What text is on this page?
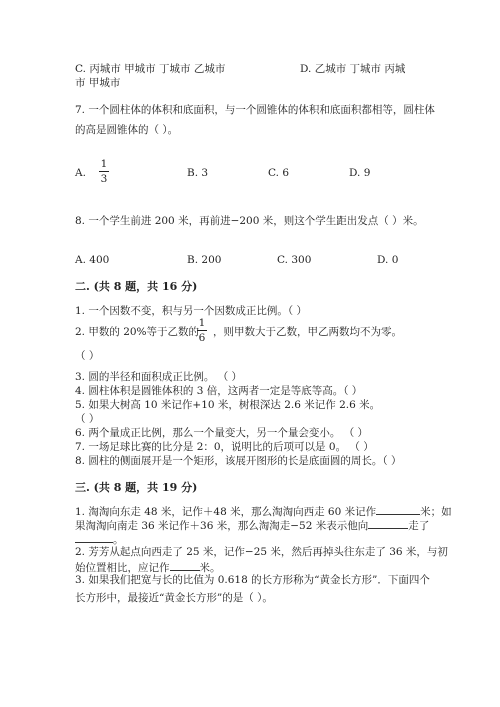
C. 丙城市 甲城市 丁城市 乙城市	D. 乙城市 丁城市 丙城
市 甲城市
7. 一个圆柱体的体积和底面积，与一个圆锥体的体积和底面积都相等，圆柱体
的高是圆锥体的（ ）。
A.
1
3	B. 3	C. 6	D. 9
8. 一个学生前进 200 米，再前进−200 米，则这个学生距出发点（ ）米。
A. 400	B. 200	C. 300	D. 0
二. (共 8 题，共 16 分)
1. 一个因数不变，积与另一个因数成正比例。（ ）
2. 甲数的 20%等于乙数的
1
6 ，则甲数大于乙数，甲乙两数均不为零。
（ ）
3. 圆的半径和面积成正比例。 （ ）
4. 圆柱体积是圆锥体积的 3 倍，这两者一定是等底等高。（ ）
5. 如果大树高 10 米记作+10 米，树根深达 2.6 米记作 2.6 米。
（ ）
6. 两个量成正比例，那么一个量变大，另一个量会变小。 （ ）
7. 一场足球比赛的比分是 2：0，说明比的后项可以是 0。 （ ）
8. 圆柱的侧面展开是一个矩形，该展开图形的长是底面圆的周长。（ ）
三. (共 8 题，共 19 分)
1. 淘淘向东走 48 米，记作＋48 米，那么淘淘向西走 60 米记作	米；如
果淘淘向南走 36 米记作＋36 米，那么淘淘走−52 米表示他向	走了
。
2. 芳芳从起点向西走了 25 米，记作−25 米，然后再掉头往东走了 36 米，与初
始位置相比，应记作	米。
3. 如果我们把宽与长的比值为 0.618 的长方形称为“黄金长方形”．下面四个
长方形中，最接近“黄金长方形”的是（ ）。
